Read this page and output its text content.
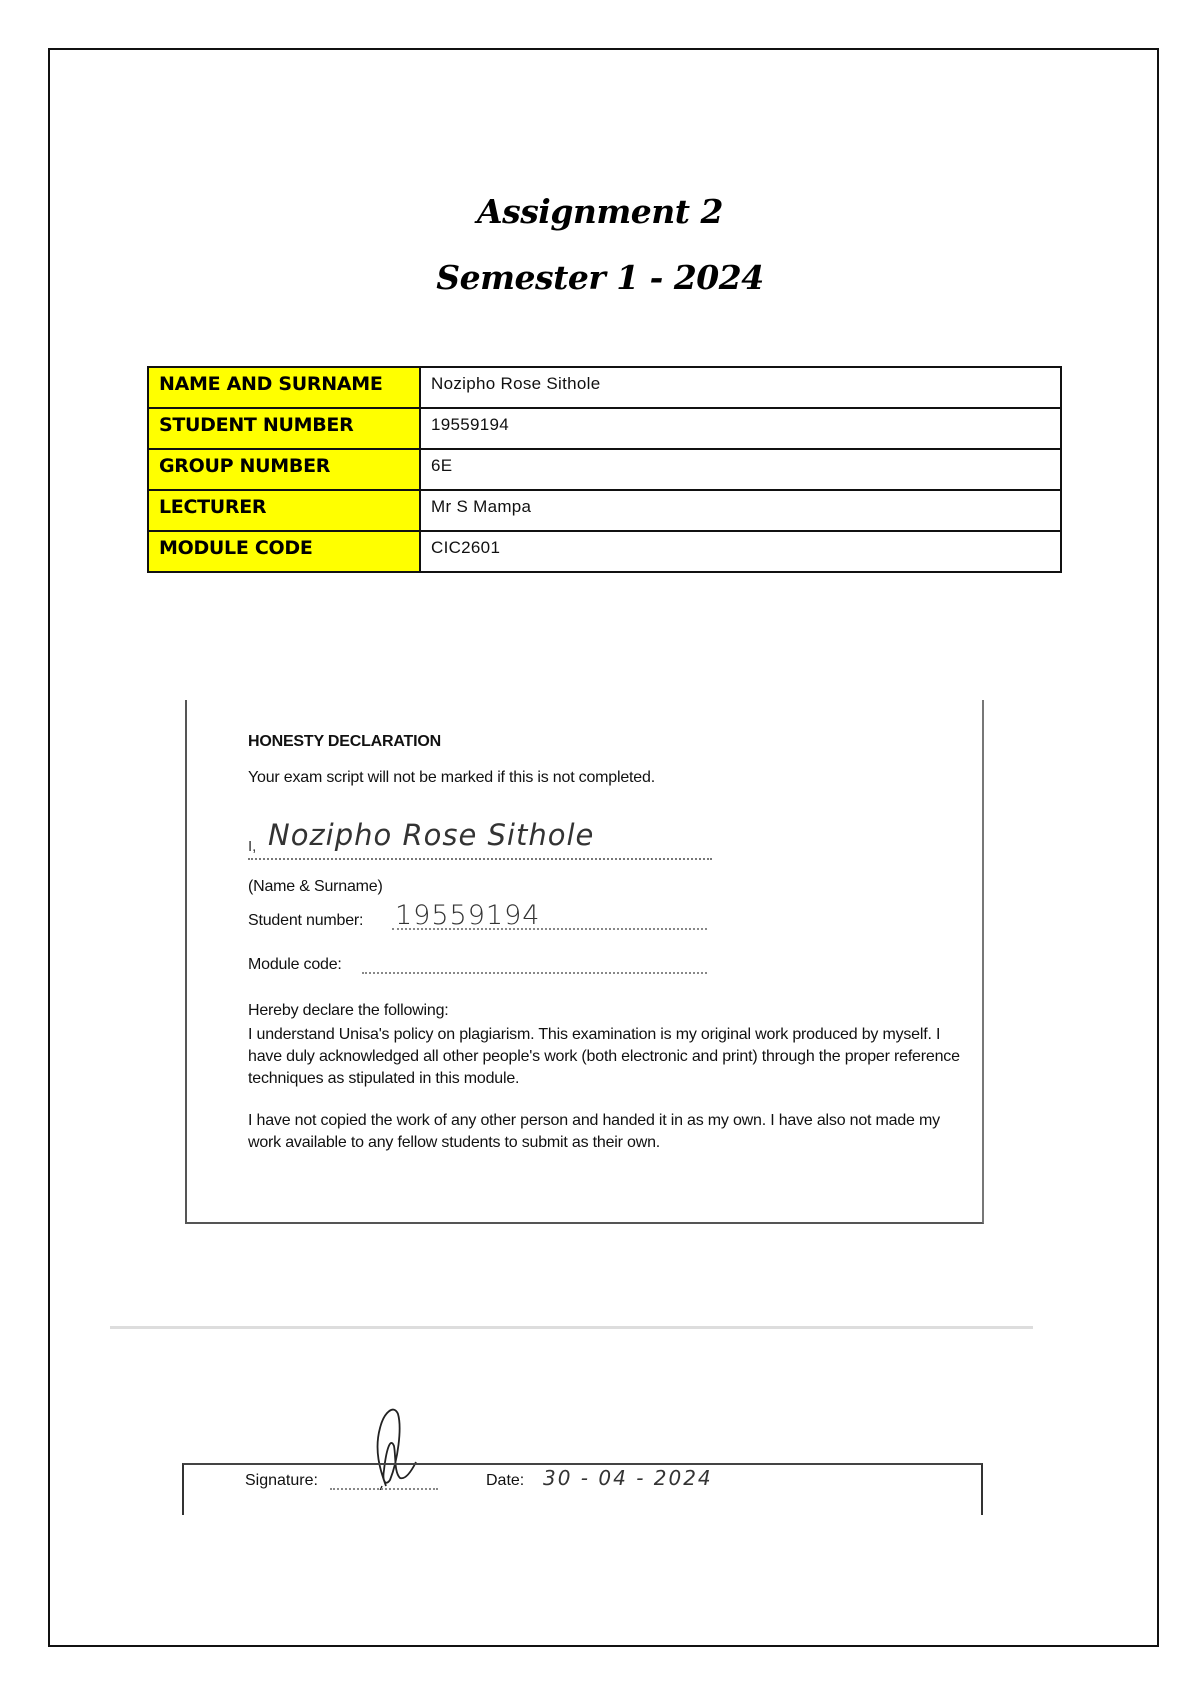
Assignment 2
Semester 1 - 2024
NAME AND SURNAME	Nozipho Rose Sithole
STUDENT NUMBER	19559194
GROUP NUMBER	6E
LECTURER	Mr S Mampa
MODULE CODE	CIC2601
HONESTY DECLARATION
Your exam script will not be marked if this is not completed.
I, Nozipho Rose Sithole
(Name & Surname)
Student number: 19559194
Module code:
Hereby declare the following:
I understand Unisa's policy on plagiarism. This examination is my original work produced by myself. I have duly acknowledged all other people's work (both electronic and print) through the proper reference techniques as stipulated in this module.
I have not copied the work of any other person and handed it in as my own. I have also not made my work available to any fellow students to submit as their own.
Signature:	Date: 30 - 04 - 2024
